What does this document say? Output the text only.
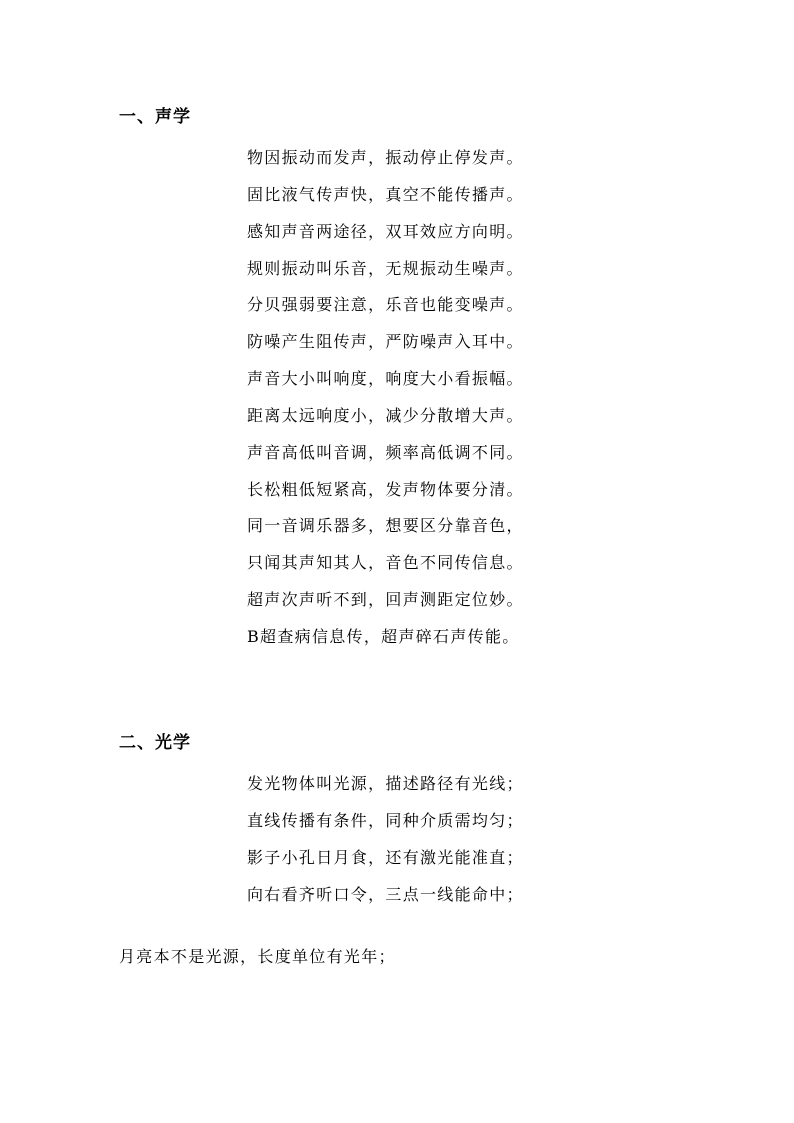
一、声学
物因振动而发声，振动停止停发声。
固比液气传声快，真空不能传播声。
感知声音两途径，双耳效应方向明。
规则振动叫乐音，无规振动生噪声。
分贝强弱要注意，乐音也能变噪声。
防噪产生阻传声，严防噪声入耳中。
声音大小叫响度，响度大小看振幅。
距离太远响度小，减少分散增大声。
声音高低叫音调，频率高低调不同。
长松粗低短紧高，发声物体要分清。
同一音调乐器多，想要区分靠音色，
只闻其声知其人，音色不同传信息。
超声次声听不到，回声测距定位妙。
B超查病信息传，超声碎石声传能。
二、光学
发光物体叫光源，描述路径有光线；
直线传播有条件，同种介质需均匀；
影子小孔日月食，还有激光能准直；
向右看齐听口令，三点一线能命中；
月亮本不是光源，长度单位有光年；
